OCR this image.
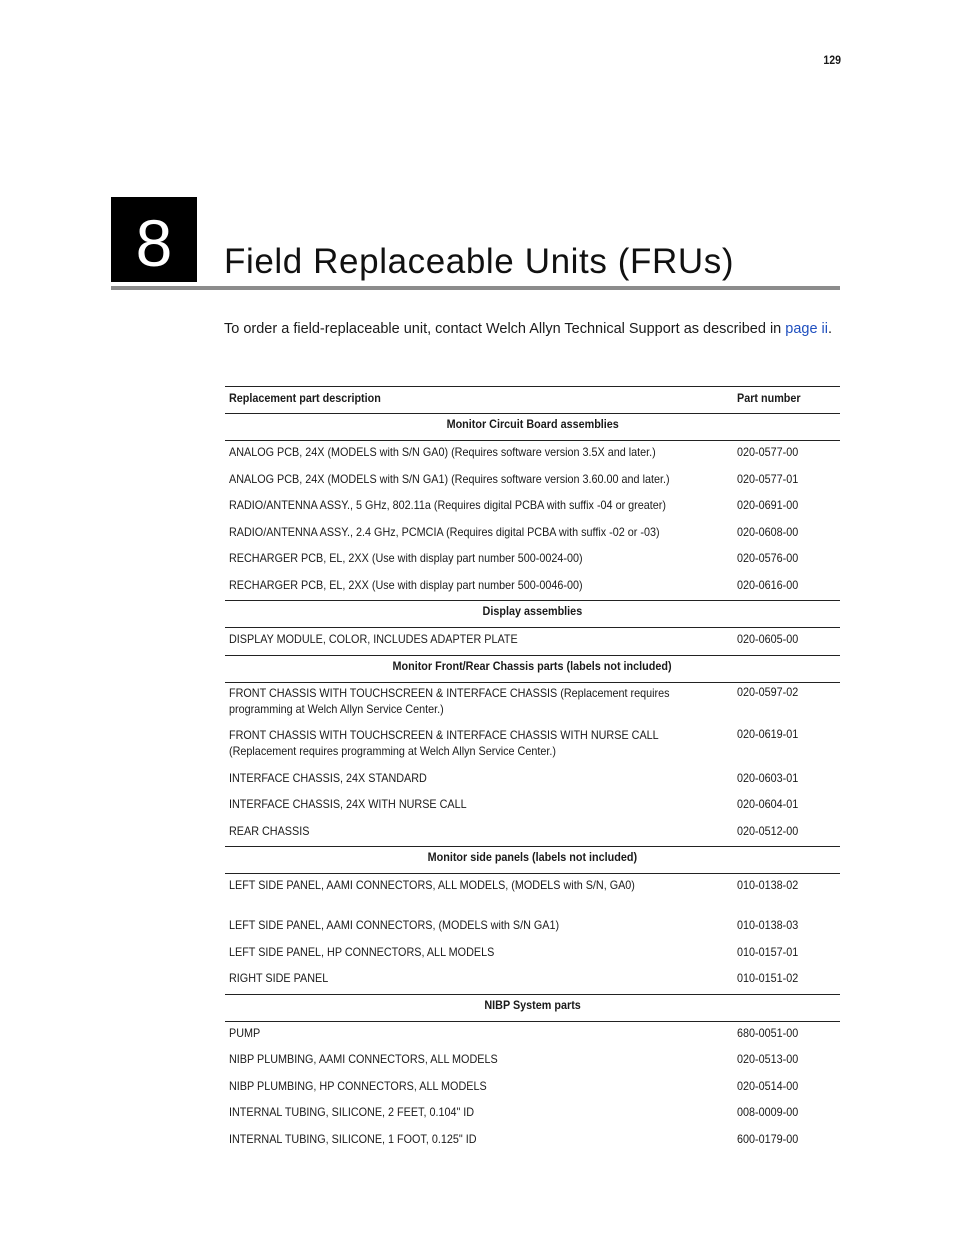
129
8 Field Replaceable Units (FRUs)

To order a field-replaceable unit, contact Welch Allyn Technical Support as described in page ii.

Replacement part description	Part number

Monitor Circuit Board assemblies	

ANALOG PCB, 24X (MODELS with S/N GA0) (Requires software version 3.5X and later.)	020-0577-00

ANALOG PCB, 24X (MODELS with S/N GA1) (Requires software version 3.60.00 and later.)	020-0577-01

RADIO/ANTENNA ASSY., 5 GHz, 802.11a (Requires digital PCBA with suffix -04 or greater)	020-0691-00

RADIO/ANTENNA ASSY., 2.4 GHz, PCMCIA (Requires digital PCBA with suffix -02 or -03)	020-0608-00

RECHARGER PCB, EL, 2XX (Use with display part number 500-0024-00)	020-0576-00

RECHARGER PCB, EL, 2XX (Use with display part number 500-0046-00)	020-0616-00

Display assemblies	

DISPLAY MODULE, COLOR, INCLUDES ADAPTER PLATE	020-0605-00

Monitor Front/Rear Chassis parts (labels not included)	

FRONT CHASSIS WITH TOUCHSCREEN & INTERFACE CHASSIS (Replacement requires programming at Welch Allyn Service Center.)	020-0597-02

FRONT CHASSIS WITH TOUCHSCREEN & INTERFACE CHASSIS WITH NURSE CALL (Replacement requires programming at Welch Allyn Service Center.)	020-0619-01

INTERFACE CHASSIS, 24X STANDARD	020-0603-01

INTERFACE CHASSIS, 24X WITH NURSE CALL	020-0604-01

REAR CHASSIS	020-0512-00

Monitor side panels (labels not included)	

LEFT SIDE PANEL, AAMI CONNECTORS, ALL MODELS, (MODELS with S/N, GA0)	010-0138-02

LEFT SIDE PANEL, AAMI CONNECTORS, (MODELS with S/N GA1)	010-0138-03

LEFT SIDE PANEL, HP CONNECTORS, ALL MODELS	010-0157-01

RIGHT SIDE PANEL	010-0151-02

NIBP System parts	

PUMP	680-0051-00

NIBP PLUMBING, AAMI CONNECTORS, ALL MODELS	020-0513-00

NIBP PLUMBING, HP CONNECTORS, ALL MODELS	020-0514-00

INTERNAL TUBING, SILICONE, 2 FEET, 0.104" ID	008-0009-00

INTERNAL TUBING, SILICONE, 1 FOOT, 0.125" ID	600-0179-00
